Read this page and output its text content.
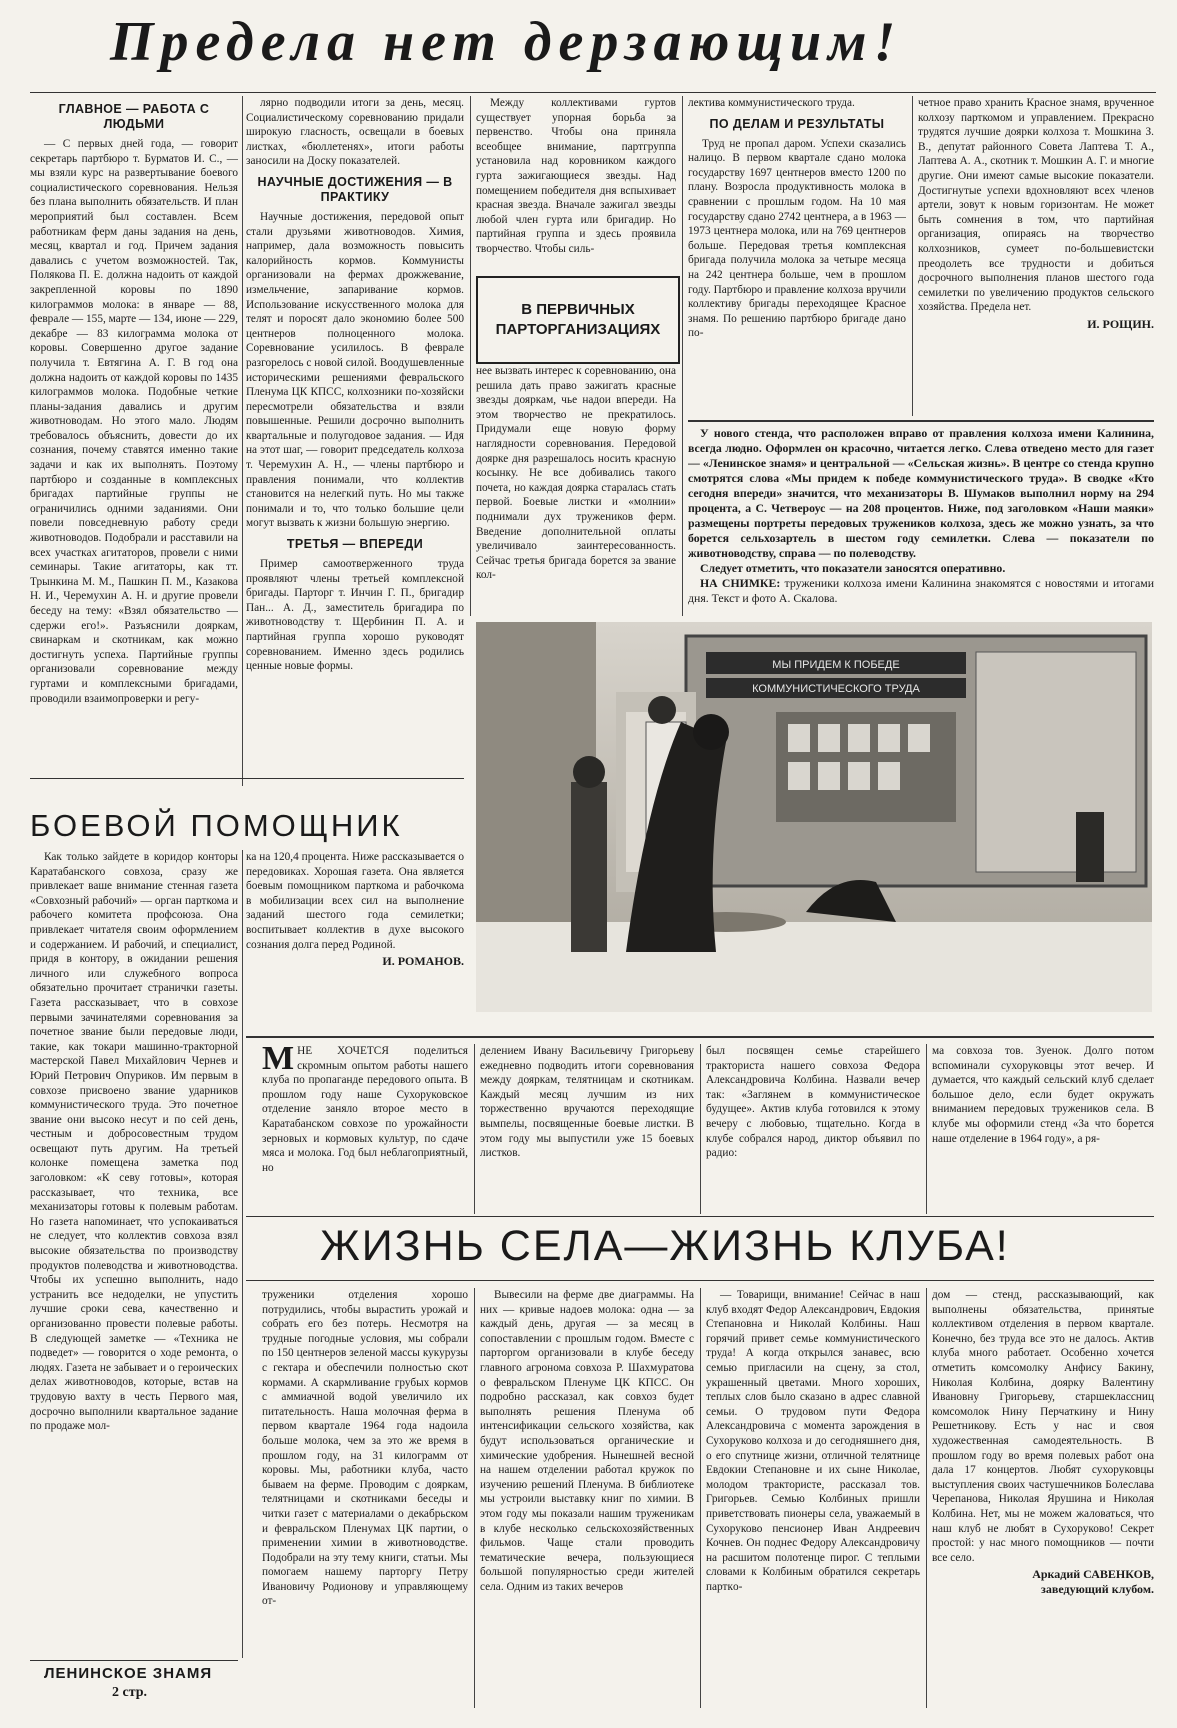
Предела нет дерзающим!
ГЛАВНОЕ — РАБОТА С ЛЮДЬМИ

— С первых дней года, — говорит секретарь партбюро т. Бурматов И. С., — мы взяли курс на развертывание боевого социалистического соревнования. Нельзя без плана выполнить обязательств. И план мероприятий был составлен. Всем работникам ферм даны задания на день, месяц, квартал и год. Причем задания давались с учетом возможностей. Так, Полякова П. Е. должна надоить от каждой закрепленной коровы по 1890 килограммов молока: в январе — 88, феврале — 155, марте — 134, июне — 229, декабре — 83 килограмма молока от коровы. Совершенно другое задание получила т. Евтягина А. Г. В год она должна надоить от каждой коровы по 1435 килограммов молока. Подобные четкие планы-задания давались и другим животноводам. Но этого мало. Людям требовалось объяснить, довести до их сознания, почему ставятся именно такие задачи и как их выполнять. Поэтому партбюро и созданные в комплексных бригадах партийные группы не ограничились одними заданиями. Они повели повседневную работу среди животноводов. Подобрали и расставили на всех участках агитаторов, провели с ними семинары. Такие агитаторы, как тт. Трынкина М. М., Пашкин П. М., Казакова Н. И., Черемухин А. Н. и другие провели беседу на тему: «Взял обязательство — сдержи его!». Разъяснили дояркам, свинаркам и скотникам, как можно достигнуть успеха. Партийные группы организовали соревнование между гуртами и комплексными бригадами, проводили взаимопроверки и регу-

лярно подводили итоги за день, месяц. Социалистическому соревнованию придали широкую гласность, освещали в боевых листках, «бюллетенях», итоги работы заносили на Доску показателей.

НАУЧНЫЕ ДОСТИЖЕНИЯ — В ПРАКТИКУ

Научные достижения, передовой опыт стали друзьями животноводов. Химия, например, дала возможность повысить калорийность кормов. Коммунисты организовали на фермах дрожжевание, измельчение, запаривание кормов. Использование искусственного молока для телят и поросят дало экономию более 500 центнеров полноценного молока. Соревнование усилилось. В феврале разгорелось с новой силой. Воодушевленные историческими решениями февральского Пленума ЦК КПСС, колхозники по-хозяйски пересмотрели обязательства и взяли повышенные. Решили досрочно выполнить квартальные и полугодовое задания. — Идя на этот шаг, — говорит председатель колхоза т. Черемухин А. Н., — члены партбюро и правления понимали, что коллектив становится на нелегкий путь. Но мы также понимали и то, что только большие цели могут вызвать к жизни большую энергию.

ТРЕТЬЯ — ВПЕРЕДИ

Пример самоотверженного труда проявляют члены третьей комплексной бригады. Парторг т. Инчин Г. П., бригадир Пан... А. Д., заместитель бригадира по животноводству т. Щербинин П. А. и партийная группа хорошо руководят соревнованием. Именно здесь родились ценные новые формы.

Между коллективами гуртов существует упорная борьба за первенство. Чтобы она приняла всеобщее внимание, партгруппа установила над коровником каждого гурта зажигающиеся звезды. Над помещением победителя дня вспыхивает красная звезда. Вначале зажигал звезды любой член гурта или бригадир. Но партийная группа и здесь проявила творчество. Чтобы силь-

В ПЕРВИЧНЫХ ПАРТОРГАНИЗАЦИЯХ

нее вызвать интерес к соревнованию, она решила дать право зажигать красные звезды дояркам, чье надои впереди. На этом творчество не прекратилось. Придумали еще новую форму наглядности соревнования. Передовой доярке дня разрешалось носить красную косынку. Не все добивались такого почета, но каждая доярка старалась стать первой. Боевые листки и «молнии» поднимали дух тружеников ферм. Введение дополнительной оплаты увеличивало заинтересованность. Сейчас третья бригада борется за звание кол-

лектива коммунистического труда.

ПО ДЕЛАМ И РЕЗУЛЬТАТЫ

Труд не пропал даром. Успехи сказались налицо. В первом квартале сдано молока государству 1697 центнеров вместо 1200 по плану. Возросла продуктивность молока в сравнении с прошлым годом. На 10 мая государству сдано 2742 центнера, а в 1963 — 1973 центнера молока, или на 769 центнеров больше. Передовая третья комплексная бригада получила молока за четыре месяца на 242 центнера больше, чем в прошлом году. Партбюро и правление колхоза вручили коллективу бригады переходящее Красное знамя. По решению партбюро бригаде дано по-

четное право хранить Красное знамя, врученное колхозу парткомом и управлением. Прекрасно трудятся лучшие доярки колхоза т. Мошкина З. В., депутат районного Совета Лаптева Т. А., Лаптева А. А., скотник т. Мошкин А. Г. и многие другие. Они имеют самые высокие показатели. Достигнутые успехи вдохновляют всех членов артели, зовут к новым горизонтам. Не может быть сомнения в том, что партийная организация, опираясь на творчество колхозников, сумеет по-большевистски преодолеть все трудности и добиться досрочного выполнения планов шестого года семилетки по увеличению продуктов сельского хозяйства. Предела нет.

И. РОЩИН.

У нового стенда, что расположен вправо от правления колхоза имени Калинина, всегда людно. Оформлен он красочно, читается легко. Слева отведено место для газет — «Ленинское знамя» и центральной — «Сельская жизнь». В центре со стенда крупно смотрятся слова «Мы придем к победе коммунистического труда». В сводке «Кто сегодня впереди» значится, что механизаторы В. Шумаков выполнил норму на 294 процента, а С. Четвероус — на 208 процентов. Ниже, под заголовком «Наши маяки» размещены портреты передовых тружеников колхоза, здесь же можно узнать, за что борется сельхозартель в шестом году семилетки. Слева — показатели по животноводству, справа — по полеводству.

Следует отметить, что показатели заносятся оперативно.

НА СНИМКЕ: труженики колхоза имени Калинина знакомятся с новостями и итогами дня. Текст и фото А. Скалова.

МЫ ПРИДЕМ К ПОБЕДЕ
КОММУНИСТИЧЕСКОГО ТРУДА
БОЕВОЙ ПОМОЩНИК

Как только зайдете в коридор конторы Каратабанского совхоза, сразу же привлекает ваше внимание стенная газета «Совхозный рабочий» — орган парткома и рабочего комитета профсоюза. Она привлекает читателя своим оформлением и содержанием. И рабочий, и специалист, придя в контору, в ожидании решения личного или служебного вопроса обязательно прочитает странички газеты. Газета рассказывает, что в совхозе первыми зачинателями соревнования за почетное звание были передовые люди, такие, как токари машинно-тракторной мастерской Павел Михайлович Чернев и Юрий Петрович Опуриков. Им первым в совхозе присвоено звание ударников коммунистического труда. Это почетное звание они высоко несут и по сей день, честным и добросовестным трудом освещают путь другим. На третьей колонке помещена заметка под заголовком: «К севу готовы», которая рассказывает, что техника, все механизаторы готовы к полевым работам. Но газета напоминает, что успокаиваться не следует, что коллектив совхоза взял высокие обязательства по производству продуктов полеводства и животноводства. Чтобы их успешно выполнить, надо устранить все недоделки, не упустить лучшие сроки сева, качественно и организованно провести полевые работы. В следующей заметке — «Техника не подведет» — говорится о ходе ремонта, о людях. Газета не забывает и о героических делах животноводов, которые, встав на трудовую вахту в честь Первого мая, досрочно выполнили квартальное задание по продаже мол-

ка на 120,4 процента. Ниже рассказывается о передовиках. Хорошая газета. Она является боевым помощником парткома и рабочкома в мобилизации всех сил на выполнение заданий шестого года семилетки; воспитывает коллектив в духе высокого сознания долга перед Родиной.

И. РОМАНОВ.
М НЕ ХОЧЕТСЯ поделиться скромным опытом работы нашего клуба по пропаганде передового опыта. В прошлом году наше Сухоруковское отделение заняло второе место в Каратабанском совхозе по урожайности зерновых и кормовых культур, по сдаче мяса и молока. Год был неблагоприятный, но

делением Ивану Васильевичу Григорьеву ежедневно подводить итоги соревнования между дояркам, телятницам и скотникам. Каждый месяц лучшим из них торжественно вручаются переходящие вымпелы, посвященные боевые листки. В этом году мы выпустили уже 15 боевых листков.

был посвящен семье старейшего тракториста нашего совхоза Федора Александровича Колбина. Назвали вечер так: «Заглянем в коммунистическое будущее». Актив клуба готовился к этому вечеру с любовью, тщательно. Когда в клубе собрался народ, диктор объявил по радио:

ма совхоза тов. Зуенок. Долго потом вспоминали сухоруковцы этот вечер. И думается, что каждый сельский клуб сделает большое дело, если будет окружать вниманием передовых тружеников села. В клубе мы оформили стенд «За что борется наше отделение в 1964 году», а ря-

ЖИЗНЬ СЕЛА—ЖИЗНЬ КЛУБА!

труженики отделения хорошо потрудились, чтобы вырастить урожай и собрать его без потерь. Несмотря на трудные погодные условия, мы собрали по 150 центнеров зеленой массы кукурузы с гектара и обеспечили полностью скот кормами. А скармливание грубых кормов с аммиачной водой увеличило их питательность. Наша молочная ферма в первом квартале 1964 года надоила больше молока, чем за это же время в прошлом году, на 31 килограмм от коровы. Мы, работники клуба, часто бываем на ферме. Проводим с дояркам, телятницами и скотниками беседы и читки газет с материалами о декабрьском и февральском Пленумах ЦК партии, о применении химии в животноводстве. Подобрали на эту тему книги, статьи. Мы помогаем нашему парторгу Петру Ивановичу Родионову и управляющему от-

Вывесили на ферме две диаграммы. На них — кривые надоев молока: одна — за каждый день, другая — за месяц в сопоставлении с прошлым годом. Вместе с парторгом организовали в клубе беседу главного агронома совхоза Р. Шахмуратова о февральском Пленуме ЦК КПСС. Он подробно рассказал, как совхоз будет выполнять решения Пленума об интенсификации сельского хозяйства, как будут использоваться органические и химические удобрения. Нынешней весной на нашем отделении работал кружок по изучению решений Пленума. В библиотеке мы устроили выставку книг по химии. В этом году мы показали нашим труженикам в клубе несколько сельскохозяйственных фильмов. Чаще стали проводить тематические вечера, пользующиеся большой популярностью среди жителей села. Одним из таких вечеров

— Товарищи, внимание! Сейчас в наш клуб входят Федор Александрович, Евдокия Степановна и Николай Колбины. Наш горячий привет семье коммунистического труда! А когда открылся занавес, всю семью пригласили на сцену, за стол, украшенный цветами. Много хороших, теплых слов было сказано в адрес славной семьи. О трудовом пути Федора Александровича с момента зарождения в Сухоруково колхоза и до сегодняшнего дня, о его спутнице жизни, отличной телятнице Евдокии Степановне и их сыне Николае, молодом трактористе, рассказал тов. Григорьев. Семью Колбиных пришли приветствовать пионеры села, уважаемый в Сухоруково пенсионер Иван Андреевич Кочнев. Он поднес Федору Александровичу на расшитом полотенце пирог. С теплыми словами к Колбиным обратился секретарь парткo-

дом — стенд, рассказывающий, как выполнены обязательства, принятые коллективом отделения в первом квартале. Конечно, без труда все это не далось. Актив клуба много работает. Особенно хочется отметить комсомолку Анфису Бакину, Николая Колбина, доярку Валентину Ивановну Григорьеву, старшеклассниц комсомолок Нину Перчаткину и Нину Решетникову. Есть у нас и своя художественная самодеятельность. В прошлом году во время полевых работ она дала 17 концертов. Любят сухоруковцы выступления своих частушечников Болеслава Черепанова, Николая Ярушина и Николая Колбина. Нет, мы не можем жаловаться, что наш клуб не любят в Сухоруково! Секрет простой: у нас много помощников — почти все село.

Аркадий САВЕНКОВ,
заведующий клубом.
ЛЕНИНСКОЕ ЗНАМЯ
2 стр.
